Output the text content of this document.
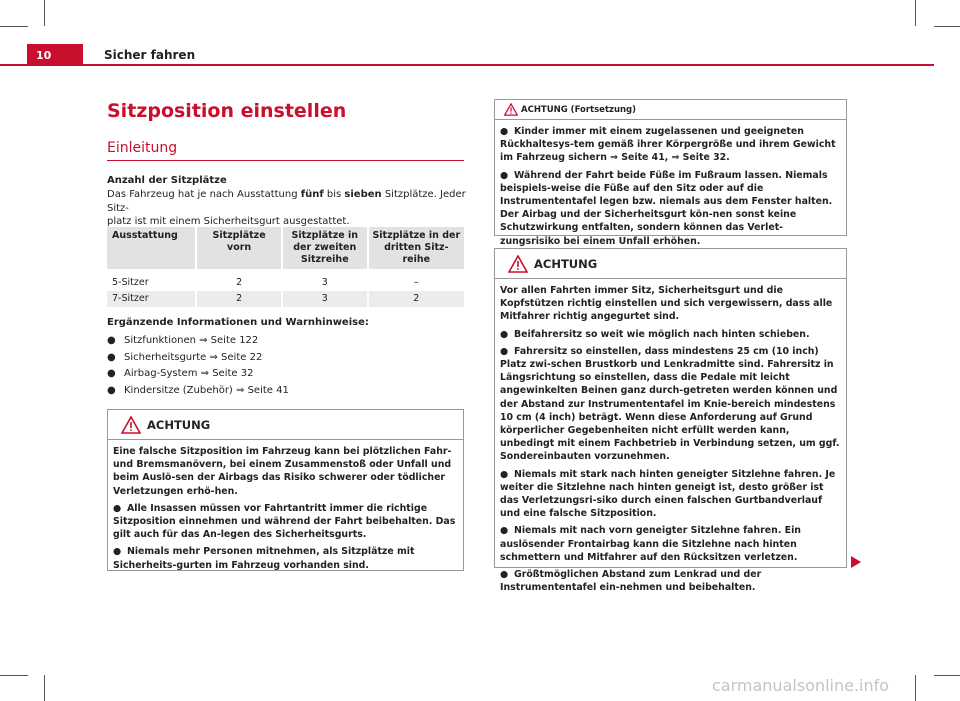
10	Sicher fahren
Sitzposition einstellen
Einleitung
Anzahl der Sitzplätze
Das Fahrzeug hat je nach Ausstattung fünf bis sieben Sitzplätze. Jeder Sitz-
platz ist mit einem Sicherheitsgurt ausgestattet.
Ausstattung	Sitzplätze vorn	Sitzplätze in der zweiten Sitzreihe	Sitzplätze in der dritten Sitz-reihe

5-Sitzer	2	3	–
7-Sitzer	2	3	2
Ergänzende Informationen und Warnhinweise:
● Sitzfunktionen ⇒ Seite 122
● Sicherheitsgurte ⇒ Seite 22
● Airbag-System ⇒ Seite 32
● Kindersitze (Zubehör) ⇒ Seite 41
ACHTUNG

Eine falsche Sitzposition im Fahrzeug kann bei plötzlichen Fahr- und Bremsmanövern, bei einem Zusammenstoß oder Unfall und beim Auslö-sen der Airbags das Risiko schwerer oder tödlicher Verletzungen erhö-hen.

● Alle Insassen müssen vor Fahrtantritt immer die richtige Sitzposition einnehmen und während der Fahrt beibehalten. Das gilt auch für das An-legen des Sicherheitsgurts.

● Niemals mehr Personen mitnehmen, als Sitzplätze mit Sicherheits-gurten im Fahrzeug vorhanden sind.

ACHTUNG (Fortsetzung)

● Kinder immer mit einem zugelassenen und geeigneten Rückhaltesys-tem gemäß ihrer Körpergröße und ihrem Gewicht im Fahrzeug sichern ⇒ Seite 41, ⇒ Seite 32.

● Während der Fahrt beide Füße im Fußraum lassen. Niemals beispiels-weise die Füße auf den Sitz oder auf die Instrumententafel legen bzw. niemals aus dem Fenster halten. Der Airbag und der Sicherheitsgurt kön-nen sonst keine Schutzwirkung entfalten, sondern können das Verlet-zungsrisiko bei einem Unfall erhöhen.

ACHTUNG

Vor allen Fahrten immer Sitz, Sicherheitsgurt und die Kopfstützen richtig einstellen und sich vergewissern, dass alle Mitfahrer richtig angegurtet sind.

● Beifahrersitz so weit wie möglich nach hinten schieben.

● Fahrersitz so einstellen, dass mindestens 25 cm (10 inch) Platz zwi-schen Brustkorb und Lenkradmitte sind. Fahrersitz in Längsrichtung so einstellen, dass die Pedale mit leicht angewinkelten Beinen ganz durch-getreten werden können und der Abstand zur Instrumententafel im Knie-bereich mindestens 10 cm (4 inch) beträgt. Wenn diese Anforderung auf Grund körperlicher Gegebenheiten nicht erfüllt werden kann, unbedingt mit einem Fachbetrieb in Verbindung setzen, um ggf. Sondereinbauten vorzunehmen.

● Niemals mit stark nach hinten geneigter Sitzlehne fahren. Je weiter die Sitzlehne nach hinten geneigt ist, desto größer ist das Verletzungsri-siko durch einen falschen Gurtbandverlauf und eine falsche Sitzposition.

● Niemals mit nach vorn geneigter Sitzlehne fahren. Ein auslösender Frontairbag kann die Sitzlehne nach hinten schmettern und Mitfahrer auf den Rücksitzen verletzen.

● Größtmöglichen Abstand zum Lenkrad und der Instrumententafel ein-nehmen und beibehalten.

carmanualsonline.info
